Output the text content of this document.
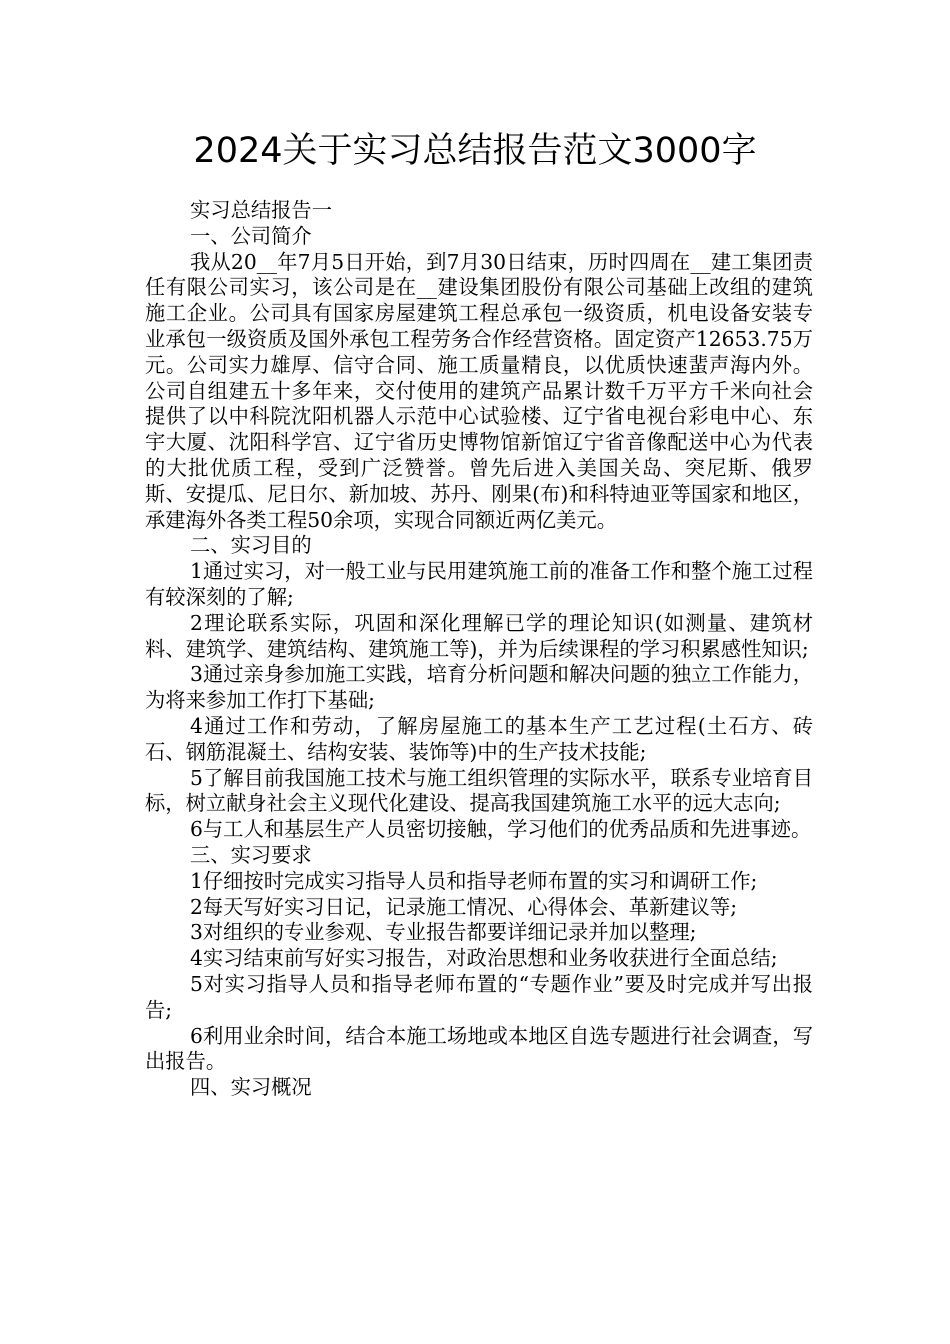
2024关于实习总结报告范文3000字

实习总结报告一

一、公司简介

我从20__年7月5日开始，到7月30日结束，历时四周在__建工集团责任有限公司实习，该公司是在__建设集团股份有限公司基础上改组的建筑施工企业。公司具有国家房屋建筑工程总承包一级资质，机电设备安装专业承包一级资质及国外承包工程劳务合作经营资格。固定资产12653.75万元。公司实力雄厚、信守合同、施工质量精良，以优质快速蜚声海内外。公司自组建五十多年来，交付使用的建筑产品累计数千万平方千米向社会提供了以中科院沈阳机器人示范中心试验楼、辽宁省电视台彩电中心、东宇大厦、沈阳科学宫、辽宁省历史博物馆新馆辽宁省音像配送中心为代表的大批优质工程，受到广泛赞誉。曾先后进入美国关岛、突尼斯、俄罗斯、安提瓜、尼日尔、新加坡、苏丹、刚果(布)和科特迪亚等国家和地区，承建海外各类工程50余项，实现合同额近两亿美元。

二、实习目的

1通过实习，对一般工业与民用建筑施工前的准备工作和整个施工过程有较深刻的了解;

2理论联系实际，巩固和深化理解已学的理论知识(如测量、建筑材料、建筑学、建筑结构、建筑施工等)，并为后续课程的学习积累感性知识;

3通过亲身参加施工实践，培育分析问题和解决问题的独立工作能力，为将来参加工作打下基础;

4通过工作和劳动，了解房屋施工的基本生产工艺过程(土石方、砖石、钢筋混凝土、结构安装、装饰等)中的生产技术技能;

5了解目前我国施工技术与施工组织管理的实际水平，联系专业培育目标，树立献身社会主义现代化建设、提高我国建筑施工水平的远大志向;

6与工人和基层生产人员密切接触，学习他们的优秀品质和先进事迹。

三、实习要求

1仔细按时完成实习指导人员和指导老师布置的实习和调研工作;

2每天写好实习日记，记录施工情况、心得体会、革新建议等;

3对组织的专业参观、专业报告都要详细记录并加以整理;

4实习结束前写好实习报告，对政治思想和业务收获进行全面总结;

5对实习指导人员和指导老师布置的“专题作业”要及时完成并写出报告;

6利用业余时间，结合本施工场地或本地区自选专题进行社会调查，写出报告。

四、实习概况
